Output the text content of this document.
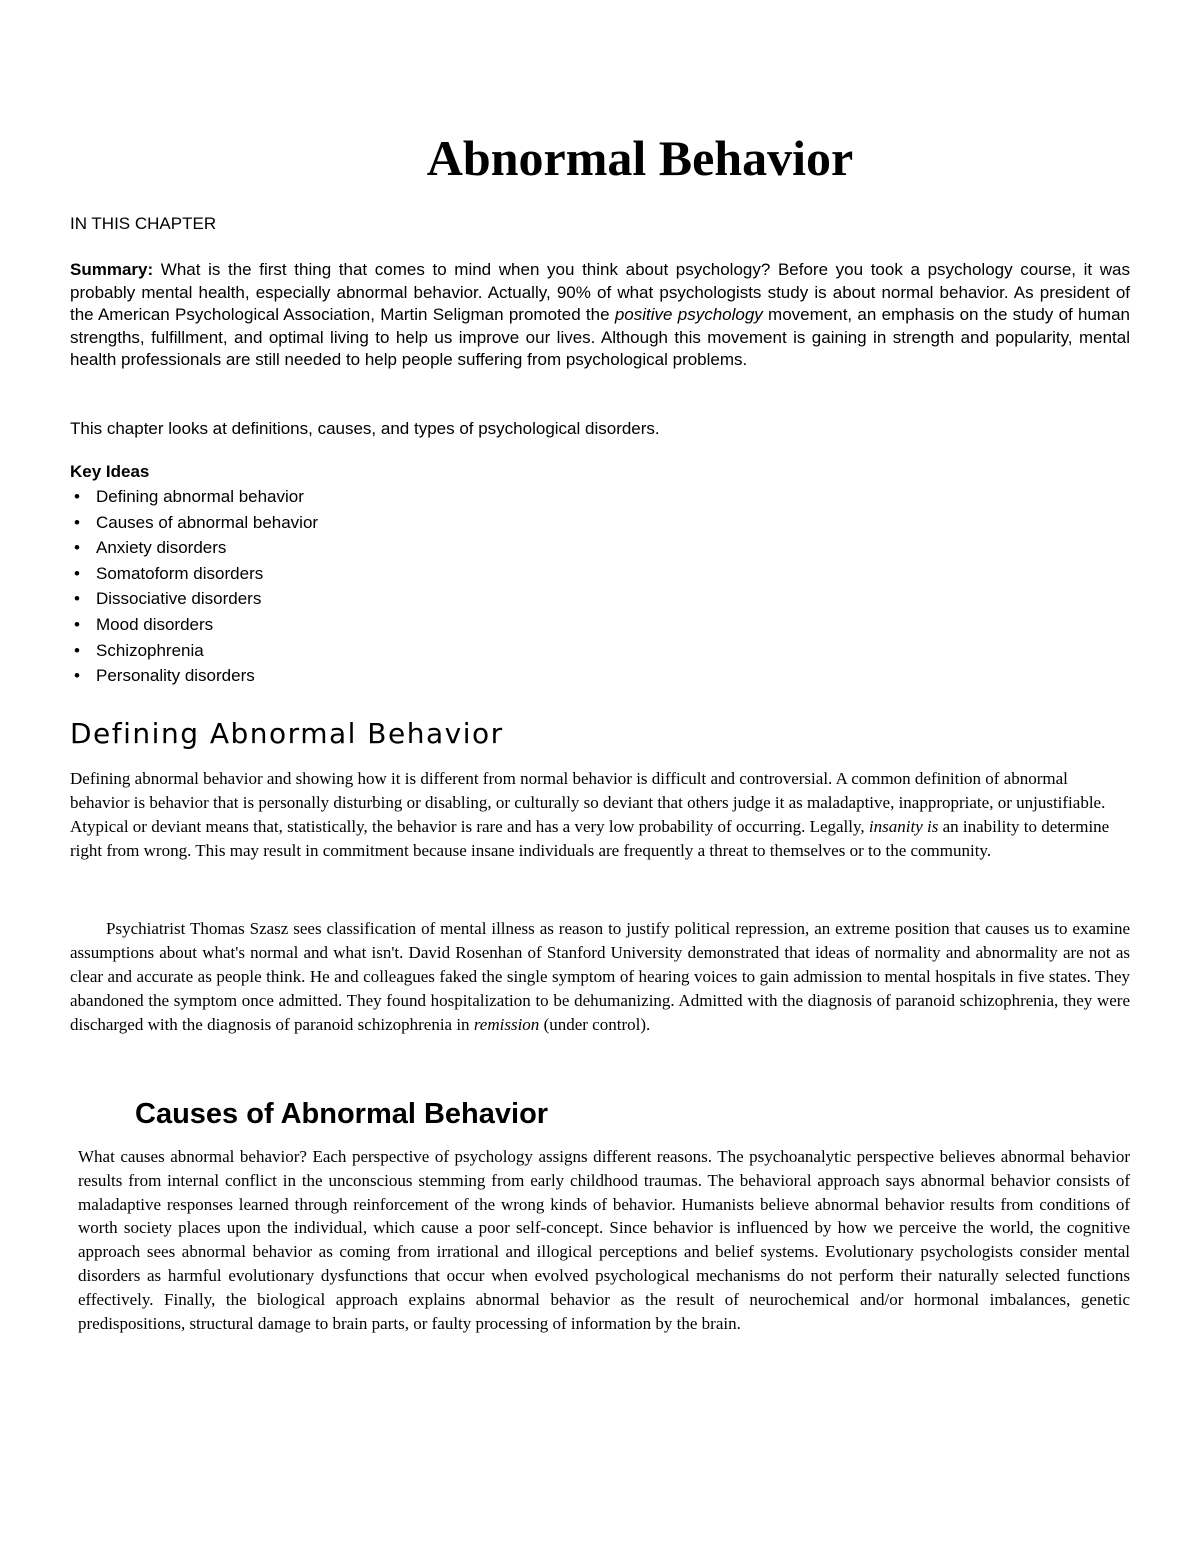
Abnormal Behavior

IN THIS CHAPTER

Summary: What is the first thing that comes to mind when you think about psychology? Before you took a psychology course, it was probably mental health, especially abnormal behavior. Actually, 90% of what psychologists study is about normal behavior. As president of the American Psychological Association, Martin Seligman promoted the positive psychology movement, an emphasis on the study of human strengths, fulfillment, and optimal living to help us improve our lives. Although this movement is gaining in strength and popularity, mental health professionals are still needed to help people suffering from psychological problems.

This chapter looks at definitions, causes, and types of psychological disorders.

Key Ideas

• Defining abnormal behavior
• Causes of abnormal behavior
• Anxiety disorders
• Somatoform disorders
• Dissociative disorders
• Mood disorders
• Schizophrenia
• Personality disorders
Defining Abnormal Behavior

Defining abnormal behavior and showing how it is different from normal behavior is difficult and controversial. A common definition of abnormal behavior is behavior that is personally disturbing or disabling, or culturally so deviant that others judge it as maladaptive, inappropriate, or unjustifiable. Atypical or deviant means that, statistically, the behavior is rare and has a very low probability of occurring. Legally, insanity is an inability to determine right from wrong. This may result in commitment because insane individuals are frequently a threat to themselves or to the community.

Psychiatrist Thomas Szasz sees classification of mental illness as reason to justify political repression, an extreme position that causes us to examine assumptions about what's normal and what isn't. David Rosenhan of Stanford University demonstrated that ideas of normality and abnormality are not as clear and accurate as people think. He and colleagues faked the single symptom of hearing voices to gain admission to mental hospitals in five states. They abandoned the symptom once admitted. They found hospitalization to be dehumanizing. Admitted with the diagnosis of paranoid schizophrenia, they were discharged with the diagnosis of paranoid schizophrenia in remission (under control).

Causes of Abnormal Behavior

What causes abnormal behavior? Each perspective of psychology assigns different reasons. The psychoanalytic perspective believes abnormal behavior results from internal conflict in the unconscious stemming from early childhood traumas. The behavioral approach says abnormal behavior consists of maladaptive responses learned through reinforcement of the wrong kinds of behavior. Humanists believe abnormal behavior results from conditions of worth society places upon the individual, which cause a poor self-concept. Since behavior is influenced by how we perceive the world, the cognitive approach sees abnormal behavior as coming from irrational and illogical perceptions and belief systems. Evolutionary psychologists consider mental disorders as harmful evolutionary dysfunctions that occur when evolved psychological mechanisms do not perform their naturally selected functions effectively. Finally, the biological approach explains abnormal behavior as the result of neurochemical and/or hormonal imbalances, genetic predispositions, structural damage to brain parts, or faulty processing of information by the brain.
